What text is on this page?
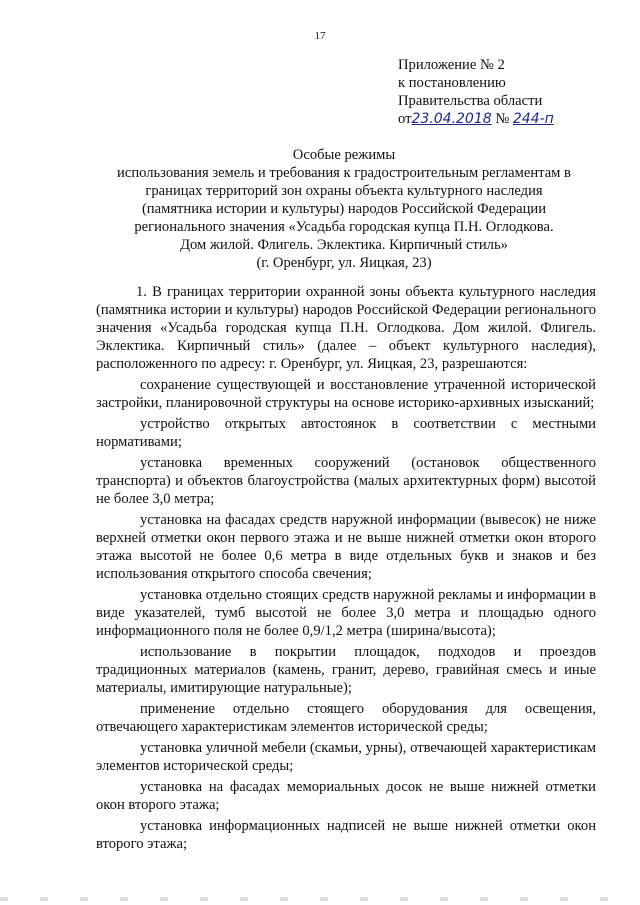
17
Приложение № 2
к постановлению
Правительства области
от23.04.2018 № 244-п
Особые режимы
использования земель и требования к градостроительным регламентам в
границах территорий зон охраны объекта культурного наследия
(памятника истории и культуры) народов Российской Федерации
регионального значения «Усадьба городская купца П.Н. Оглодкова.
Дом жилой. Флигель. Эклектика. Кирпичный стиль»
(г. Оренбург, ул. Яицкая, 23)

1. В границах территории охранной зоны объекта культурного наследия (памятника истории и культуры) народов Российской Федерации регионального значения «Усадьба городская купца П.Н. Оглодкова. Дом жилой. Флигель. Эклектика. Кирпичный стиль» (далее – объект культурного наследия), расположенного по адресу: г. Оренбург, ул. Яицкая, 23, разрешаются:

сохранение существующей и восстановление утраченной исторической застройки, планировочной структуры на основе историко-архивных изысканий;

устройство открытых автостоянок в соответствии с местными нормативами;

установка временных сооружений (остановок общественного транспорта) и объектов благоустройства (малых архитектурных форм) высотой не более 3,0 метра;

установка на фасадах средств наружной информации (вывесок) не ниже верхней отметки окон первого этажа и не выше нижней отметки окон второго этажа высотой не более 0,6 метра в виде отдельных букв и знаков и без использования открытого способа свечения;

установка отдельно стоящих средств наружной рекламы и информации в виде указателей, тумб высотой не более 3,0 метра и площадью одного информационного поля не более 0,9/1,2 метра (ширина/высота);

использование в покрытии площадок, подходов и проездов традиционных материалов (камень, гранит, дерево, гравийная смесь и иные материалы, имитирующие натуральные);

применение отдельно стоящего оборудования для освещения, отвечающего характеристикам элементов исторической среды;

установка уличной мебели (скамьи, урны), отвечающей характеристикам элементов исторической среды;

установка на фасадах мемориальных досок не выше нижней отметки окон второго этажа;

установка информационных надписей не выше нижней отметки окон второго этажа;
